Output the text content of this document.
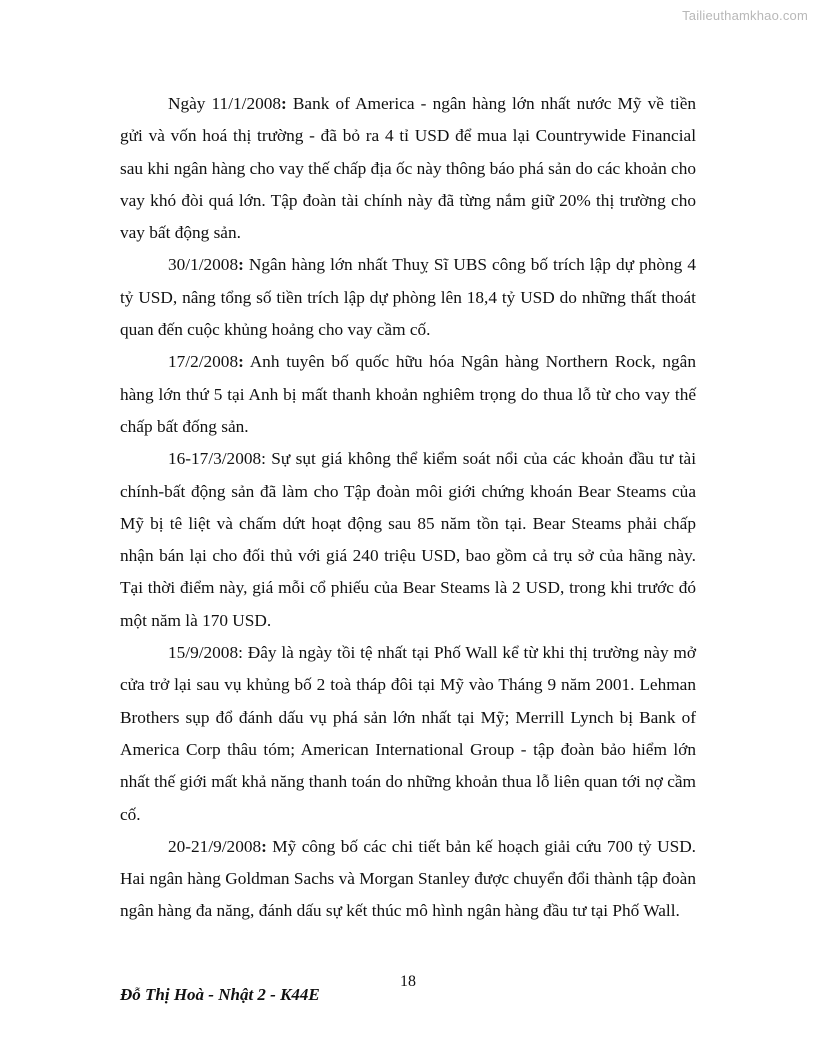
Tailieuthamkhao.com

Ngày 11/1/2008: Bank of America - ngân hàng lớn nhất nước Mỹ về tiền gửi và vốn hoá thị trường - đã bỏ ra 4 tỉ USD để mua lại Countrywide Financial sau khi ngân hàng cho vay thế chấp địa ốc này thông báo phá sản do các khoản cho vay khó đòi quá lớn. Tập đoàn tài chính này đã từng nắm giữ 20% thị trường cho vay bất động sản.

30/1/2008: Ngân hàng lớn nhất Thuỵ Sĩ UBS công bố trích lập dự phòng 4 tỷ USD, nâng tổng số tiền trích lập dự phòng lên 18,4 tỷ USD do những thất thoát quan đến cuộc khủng hoảng cho vay cầm cố.

17/2/2008: Anh tuyên bố quốc hữu hóa Ngân hàng Northern Rock, ngân hàng lớn thứ 5 tại Anh bị mất thanh khoản nghiêm trọng do thua lỗ từ cho vay thế chấp bất đống sản.

16-17/3/2008: Sự sụt giá không thể kiểm soát nổi của các khoản đầu tư tài chính-bất động sản đã làm cho Tập đoàn môi giới chứng khoán Bear Steams của Mỹ bị tê liệt và chấm dứt hoạt động sau 85 năm tồn tại. Bear Steams phải chấp nhận bán lại cho đối thủ với giá 240 triệu USD, bao gồm cả trụ sở của hãng này. Tại thời điểm này, giá mỗi cổ phiếu của Bear Steams là 2 USD, trong khi trước đó một năm là 170 USD.

15/9/2008: Đây là ngày tồi tệ nhất tại Phố Wall kể từ khi thị trường này mở cửa trở lại sau vụ khủng bố 2 toà tháp đôi tại Mỹ vào Tháng 9 năm 2001. Lehman Brothers sụp đổ đánh dấu vụ phá sản lớn nhất tại Mỹ; Merrill Lynch bị Bank of America Corp thâu tóm; American International Group - tập đoàn bảo hiểm lớn nhất thế giới mất khả năng thanh toán do những khoản thua lỗ liên quan tới nợ cầm cố.

20-21/9/2008: Mỹ công bố các chi tiết bản kế hoạch giải cứu 700 tỷ USD. Hai ngân hàng Goldman Sachs và Morgan Stanley được chuyển đổi thành tập đoàn ngân hàng đa năng, đánh dấu sự kết thúc mô hình ngân hàng đầu tư tại Phố Wall.

18
Đỗ Thị Hoà - Nhật 2 - K44E
